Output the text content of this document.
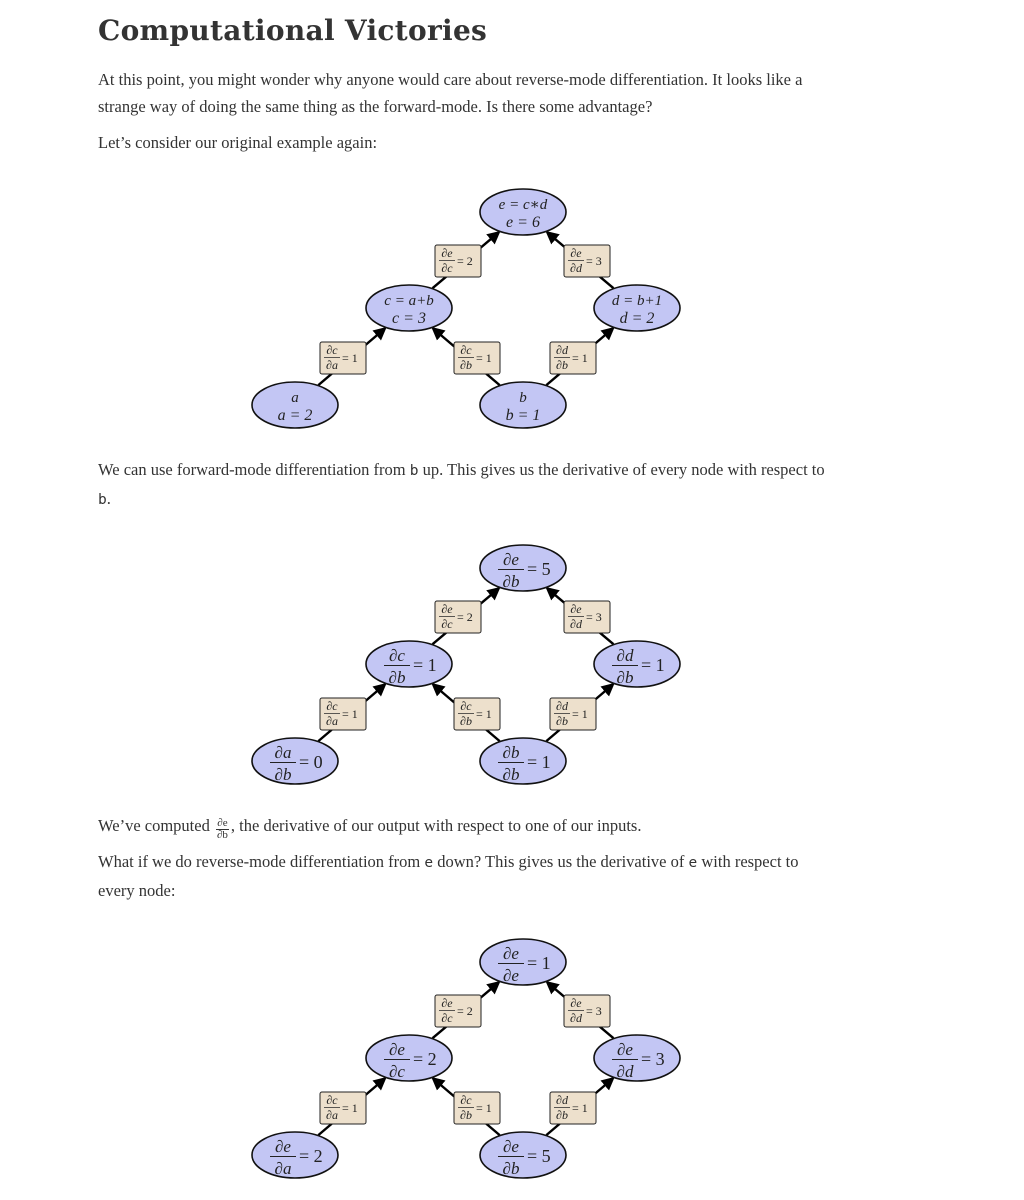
Computational Victories

At this point, you might wonder why anyone would care about reverse-mode differentiation. It looks like a strange way of doing the same thing as the forward-mode. Is there some advantage?

Let’s consider our original example again:

∂e
∂c = 2
∂e
∂d = 3
∂c
∂a = 1
∂c
∂b = 1
∂d
∂b = 1
e = c∗d
e = 6
c = a+b
c = 3
d = b+1
d = 2
a
a = 2
b
b = 1

We can use forward-mode differentiation from b up. This gives us the derivative of every node with respect to b.

∂e
∂c = 2
∂e
∂d = 3
∂c
∂a = 1
∂c
∂b = 1
∂d
∂b = 1
∂e
∂b
= 5
∂c
∂b
= 1	∂d
∂b
= 1
∂a
∂b
= 0	∂b
∂b
= 1

We’ve computed $\frac{\partial e}{\partial b}$ , the derivative of our output with respect to one of our inputs.

What if we do reverse-mode differentiation from e down? This gives us the derivative of e with respect to every node:

∂e
∂c = 2
∂e
∂d = 3
∂c
∂a = 1
∂c
∂b = 1
∂d
∂b = 1
∂e
∂e
= 1
∂e
∂c
= 2	∂e
∂d
= 3
∂e
∂a
= 2	∂e
∂b
= 5
